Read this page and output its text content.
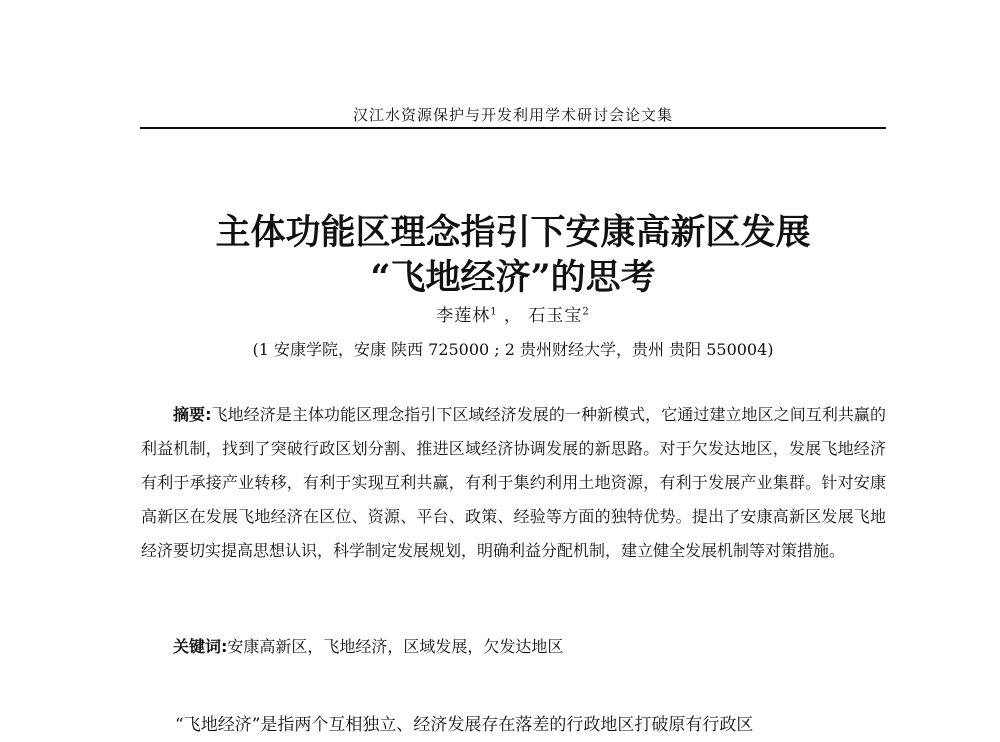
汉江水资源保护与开发利用学术研讨会论文集
主体功能区理念指引下安康高新区发展
“飞地经济”的思考
李莲林$^1$ ， 石玉宝$^2$
(1 安康学院，安康 陕西 725000 ; 2 贵州财经大学，贵州 贵阳 550004)

摘要:飞地经济是主体功能区理念指引下区域经济发展的一种新模式，它通过建立地区之间互利共赢的利益机制，找到了突破行政区划分割、推进区域经济协调发展的新思路。对于欠发达地区，发展飞地经济有利于承接产业转移，有利于实现互利共赢，有利于集约利用土地资源，有利于发展产业集群。针对安康高新区在发展飞地经济在区位、资源、平台、政策、经验等方面的独特优势。提出了安康高新区发展飞地经济要切实提高思想认识，科学制定发展规划，明确利益分配机制，建立健全发展机制等对策措施。

关键词:安康高新区，飞地经济，区域发展，欠发达地区

“飞地经济”是指两个互相独立、经济发展存在落差的行政地区打破原有行政区
